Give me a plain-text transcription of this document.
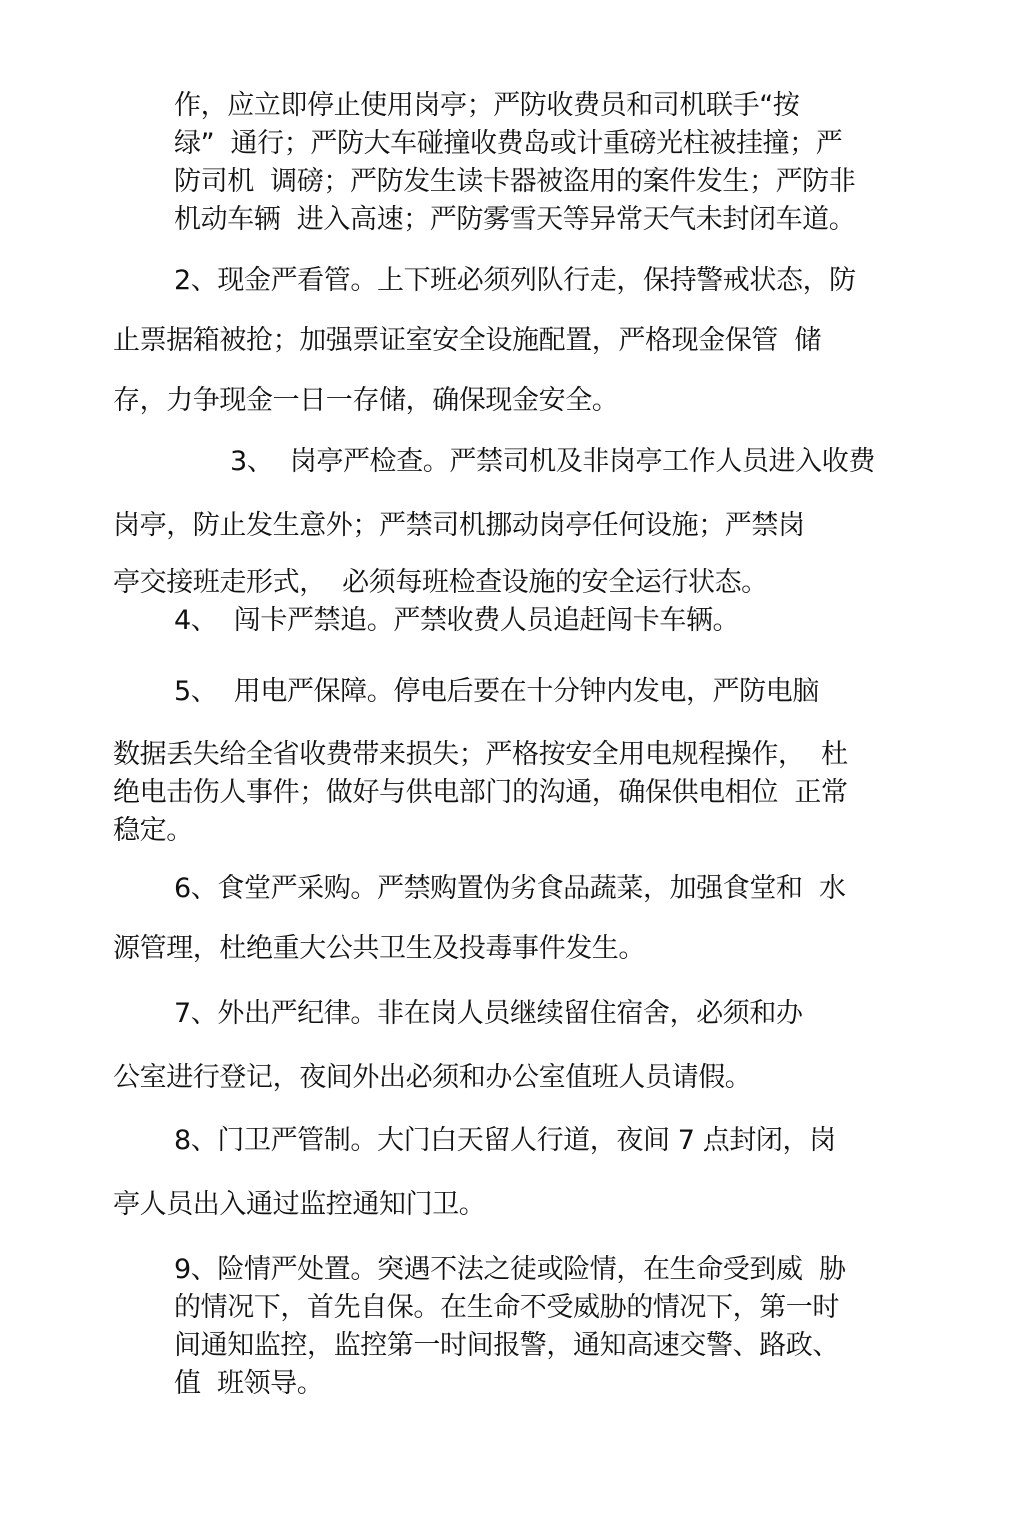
作，应立即停止使用岗亭；严防收费员和司机联手“按

绿”  通行；严防大车碰撞收费岛或计重磅光柱被挂撞；严

防司机  调磅；严防发生读卡器被盗用的案件发生；严防非

机动车辆  进入高速；严防雾雪天等异常天气未封闭车道。

2、现金严看管。上下班必须列队行走，保持警戒状态，防

止票据箱被抢；加强票证室安全设施配置，严格现金保管  储

存，力争现金一日一存储，确保现金安全。

3、  岗亭严检查。严禁司机及非岗亭工作人员进入收费

岗亭，防止发生意外；严禁司机挪动岗亭任何设施；严禁岗

亭交接班走形式，  必须每班检查设施的安全运行状态。

4、  闯卡严禁追。严禁收费人员追赶闯卡车辆。

5、  用电严保障。停电后要在十分钟内发电，严防电脑

数据丢失给全省收费带来损失；严格按安全用电规程操作，  杜

绝电击伤人事件；做好与供电部门的沟通，确保供电相位  正常

稳定。

6、食堂严采购。严禁购置伪劣食品蔬菜，加强食堂和  水

源管理，杜绝重大公共卫生及投毒事件发生。

7、外出严纪律。非在岗人员继续留住宿舍，必须和办

公室进行登记，夜间外出必须和办公室值班人员请假。

8、门卫严管制。大门白天留人行道，夜间 7 点封闭，岗

亭人员出入通过监控通知门卫。

9、险情严处置。突遇不法之徒或险情，在生命受到威  胁

的情况下，首先自保。在生命不受威胁的情况下，第一时

间通知监控，监控第一时间报警，通知高速交警、路政、

值  班领导。
